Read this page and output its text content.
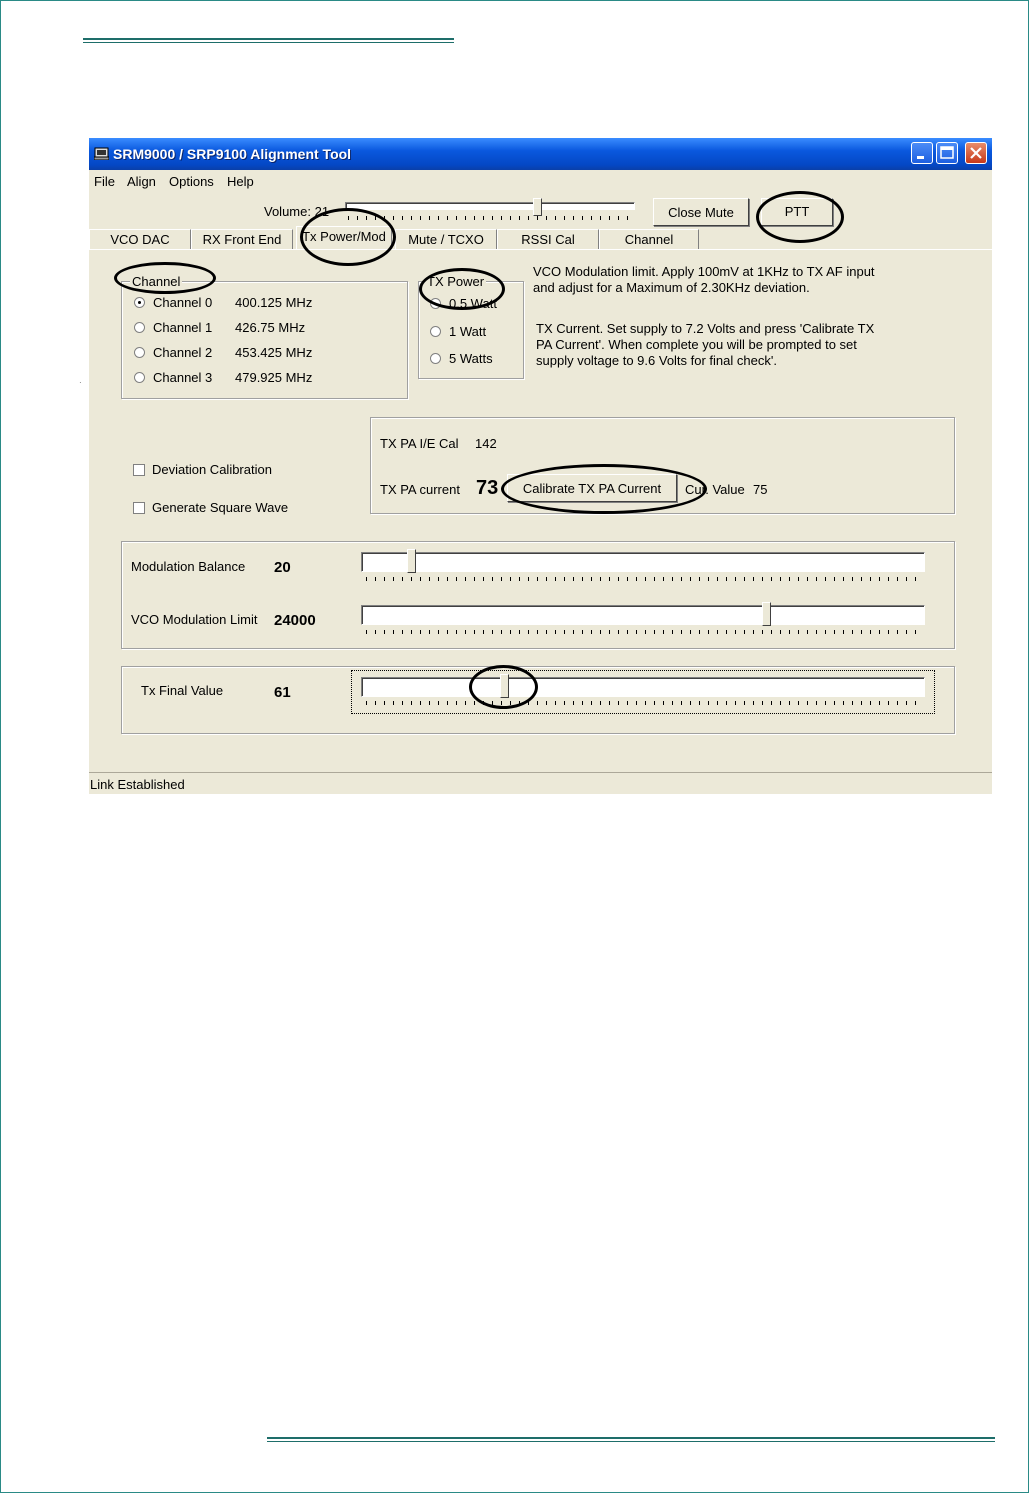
·
SRM9000 / SRP9100 Alignment Tool
File Align Options Help
Volume: 21	Close Mute	PTT
VCO DAC	RX Front End	Tx Power/Mod	Mute / TCXO	RSSI Cal	Channel
Channel
Channel 0 400.125 MHz
Channel 1 426.75 MHz
Channel 2 453.425 MHz
Channel 3 479.925 MHz
TX Power
0.5 Watt
1 Watt
5 Watts
VCO Modulation limit. Apply 100mV at 1KHz to TX AF input
and adjust for a Maximum of 2.30KHz deviation.
TX Current. Set supply to 7.2 Volts and press 'Calibrate TX
PA Current'. When complete you will be prompted to set
supply voltage to 9.6 Volts for final check'.
TX PA I/E Cal 142
TX PA current 73	Calibrate TX PA Current	Cur. Value 75
Deviation Calibration
Generate Square Wave
Modulation Balance 20
VCO Modulation Limit 24000
Tx Final Value	61
Link Established
